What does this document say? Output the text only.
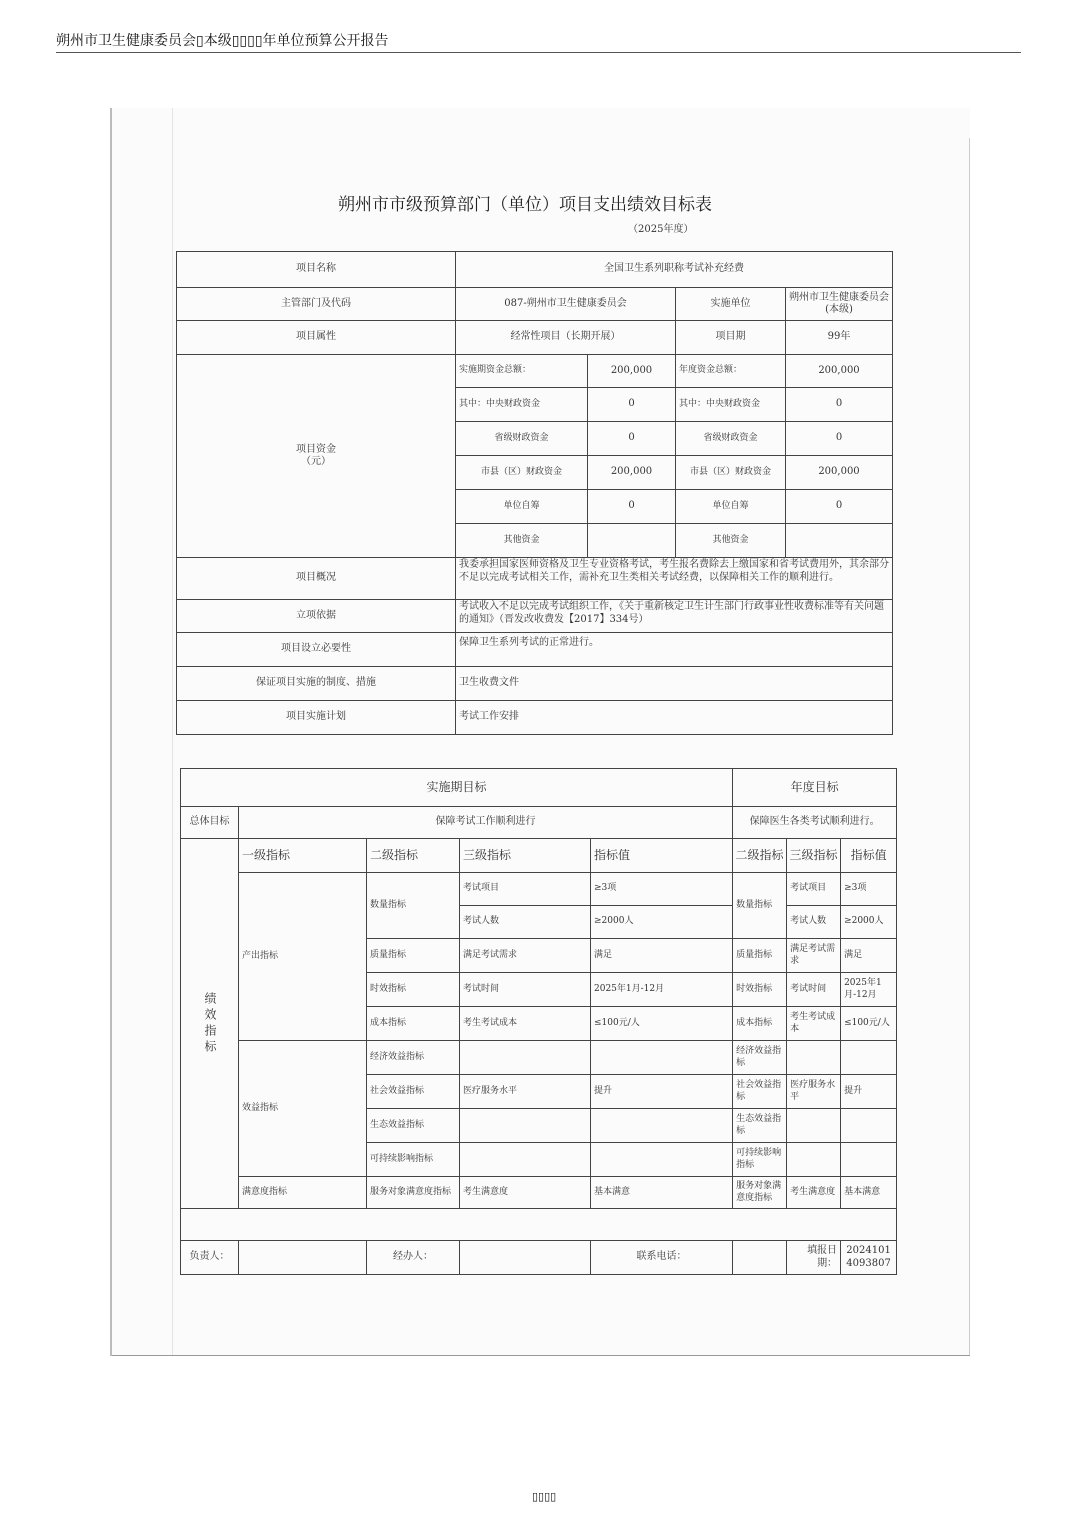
朔州市卫生健康委员会▯本级▯▯▯▯年单位预算公开报告
朔州市市级预算部门（单位）项目支出绩效目标表
（2025年度）
项目名称	全国卫生系列职称考试补充经费			
主管部门及代码	087-朔州市卫生健康委员会		实施单位	朔州市卫生健康委员会(本级)
项目属性	经常性项目（长期开展）		项目期	99年

项目资金
（元）	实施期资金总额：	200,000	年度资金总额：	200,000
	其中：中央财政资金	0	其中：中央财政资金	0
	省级财政资金	0	省级财政资金	0
	市县（区）财政资金	200,000	市县（区）财政资金	200,000
	单位自筹	0	单位自筹	0
	其他资金		其他资金	
项目概况	我委承担国家医师资格及卫生专业资格考试，考生报名费除去上缴国家和省考试费用外，其余部分不足以完成考试相关工作，需补充卫生类相关考试经费，以保障相关工作的顺利进行。			
立项依据	考试收入不足以完成考试组织工作，《关于重新核定卫生计生部门行政事业性收费标准等有关问题的通知》（晋发改收费发【2017】334号）			
项目设立必要性	保障卫生系列考试的正常进行。			
保证项目实施的制度、措施	卫生收费文件			
项目实施计划	考试工作安排			
实施期目标					年度目标		
总体目标	保障考试工作顺利进行				保障医生各类考试顺利进行。		
绩效指标	一级指标	二级指标	三级指标	指标值	二级指标	三级指标	指标值
	产出指标	数量指标	考试项目	≥3项	数量指标	考试项目	≥3项
			考试人数	≥2000人		考试人数	≥2000人
		质量指标	满足考试需求	满足	质量指标	满足考试需求	满足
		时效指标	考试时间	2025年1月-12月	时效指标	考试时间	2025年1月-12月
		成本指标	考生考试成本	≤100元/人	成本指标	考生考试成本	≤100元/人
	效益指标	经济效益指标			经济效益指标		
		社会效益指标	医疗服务水平	提升	社会效益指标	医疗服务水平	提升
		生态效益指标			生态效益指标		
		可持续影响指标			可持续影响指标		
	满意度指标	服务对象满意度指标	考生满意度	基本满意	服务对象满意度指标	考生满意度	基本满意

负责人：		经办人：		联系电话：		填报日期：	20241014093807
▯▯▯▯
